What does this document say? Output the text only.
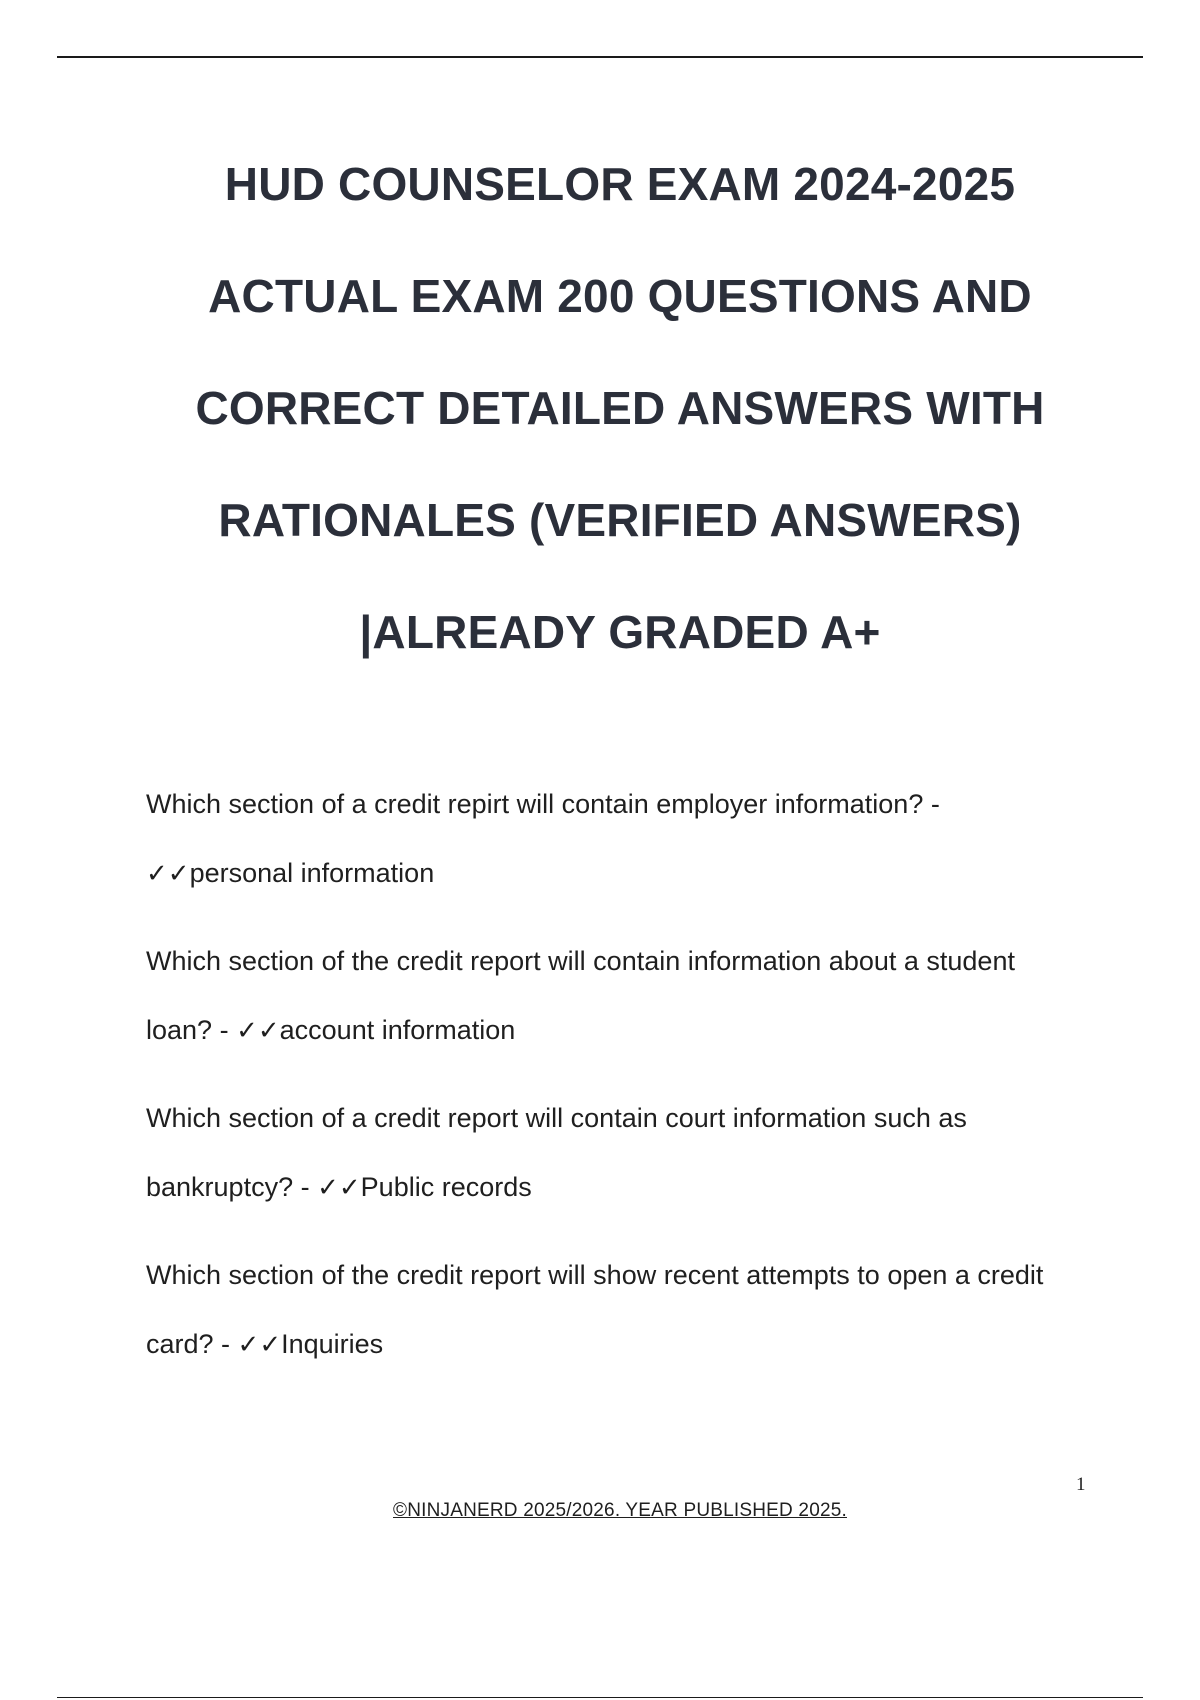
HUD COUNSELOR EXAM 2024-2025
ACTUAL EXAM 200 QUESTIONS AND
CORRECT DETAILED ANSWERS WITH
RATIONALES (VERIFIED ANSWERS)
|ALREADY GRADED A+
Which section of a credit repirt will contain employer information? -
✓✓personal information
Which section of the credit report will contain information about a student
loan? - ✓✓account information
Which section of a credit report will contain court information such as
bankruptcy? - ✓✓Public records
Which section of the credit report will show recent attempts to open a credit
card? - ✓✓Inquiries
1
©NINJANERD 2025/2026. YEAR PUBLISHED 2025.
